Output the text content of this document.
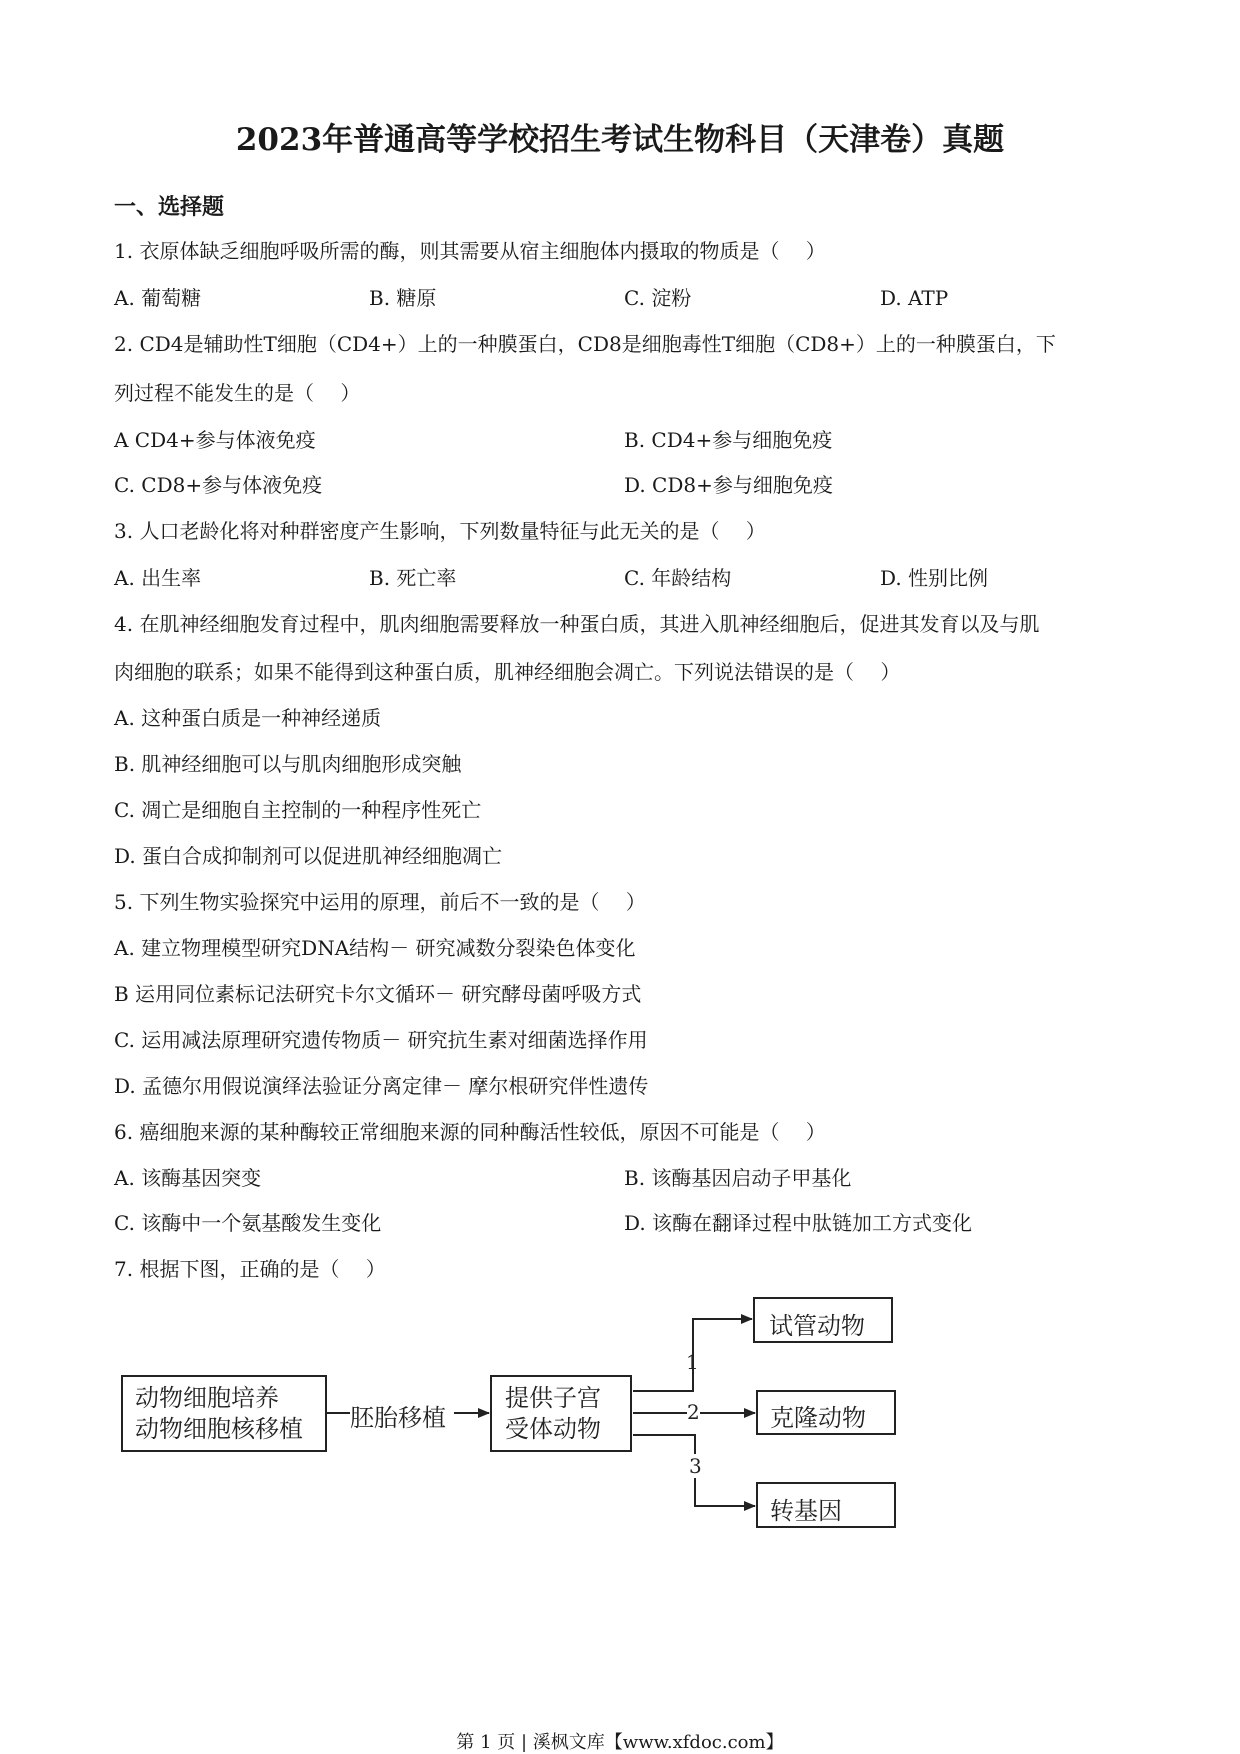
2023年普通高等学校招生考试生物科目（天津卷）真题
一、选择题
1. 衣原体缺乏细胞呼吸所需的酶，则其需要从宿主细胞体内摄取的物质是（　 ）
A. 葡萄糖	B. 糖原	C. 淀粉	D. ATP
2. CD4是辅助性T细胞（CD4+）上的一种膜蛋白，CD8是细胞毒性T细胞（CD8+）上的一种膜蛋白，下
列过程不能发生的是（　 ）
A CD4+参与体液免疫	B. CD4+参与细胞免疫
C. CD8+参与体液免疫	D. CD8+参与细胞免疫
3. 人口老龄化将对种群密度产生影响，下列数量特征与此无关的是（　 ）
A. 出生率	B. 死亡率	C. 年龄结构	D. 性别比例
4. 在肌神经细胞发育过程中，肌肉细胞需要释放一种蛋白质，其进入肌神经细胞后，促进其发育以及与肌
肉细胞的联系；如果不能得到这种蛋白质，肌神经细胞会凋亡。下列说法错误的是（　 ）
A. 这种蛋白质是一种神经递质
B. 肌神经细胞可以与肌肉细胞形成突触
C. 凋亡是细胞自主控制的一种程序性死亡
D. 蛋白合成抑制剂可以促进肌神经细胞凋亡
5. 下列生物实验探究中运用的原理，前后不一致的是（　 ）
A. 建立物理模型研究DNA结构－ 研究减数分裂染色体变化
B 运用同位素标记法研究卡尔文循环－ 研究酵母菌呼吸方式
C. 运用减法原理研究遗传物质－ 研究抗生素对细菌选择作用
D. 孟德尔用假说演绎法验证分离定律－ 摩尔根研究伴性遗传
6. 癌细胞来源的某种酶较正常细胞来源的同种酶活性较低，原因不可能是（　 ）
A. 该酶基因突变	B. 该酶基因启动子甲基化
C. 该酶中一个氨基酸发生变化	D. 该酶在翻译过程中肽链加工方式变化
7. 根据下图，正确的是（　 ）
动物细胞培养
动物细胞核移植	胚胎移植
提供子宫
受体动物
试管动物
克隆动物
转基因
1
2
3
第 1 页 | 溪枫文库【www.xfdoc.com】
